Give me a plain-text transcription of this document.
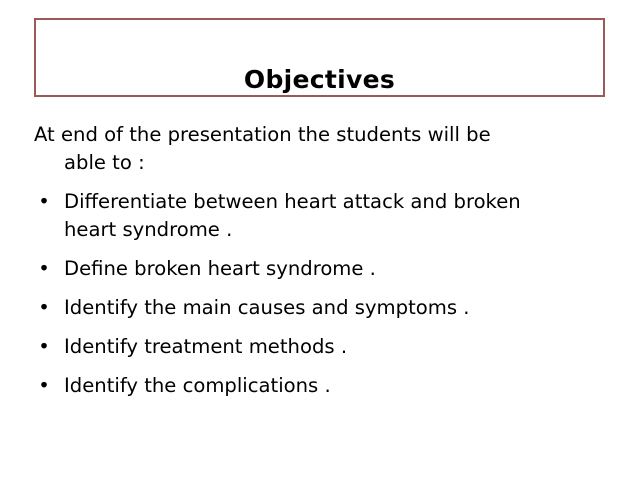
Objectives
At end of the presentation the students will be
able to :
• Differentiate between heart attack and broken
heart syndrome .
• Define broken heart syndrome .
• Identify the main causes and symptoms .
• Identify treatment methods .
• Identify the complications .
